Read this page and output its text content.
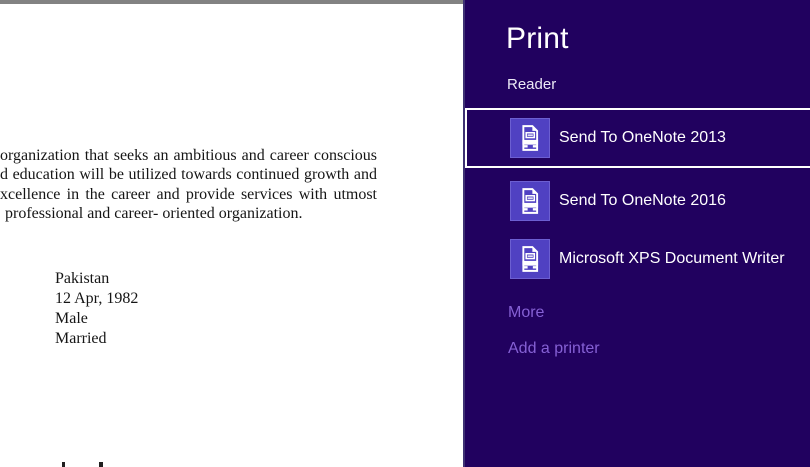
organization that seeks an ambitious and career conscious
d education will be utilized towards continued growth and
xcellence in the career and provide services with utmost
professional and career- oriented organization.
Pakistan
12 Apr, 1982
Male
Married
Print
Reader
Send To OneNote 2013
Send To OneNote 2016
Microsoft XPS Document Writer
More
Add a printer
